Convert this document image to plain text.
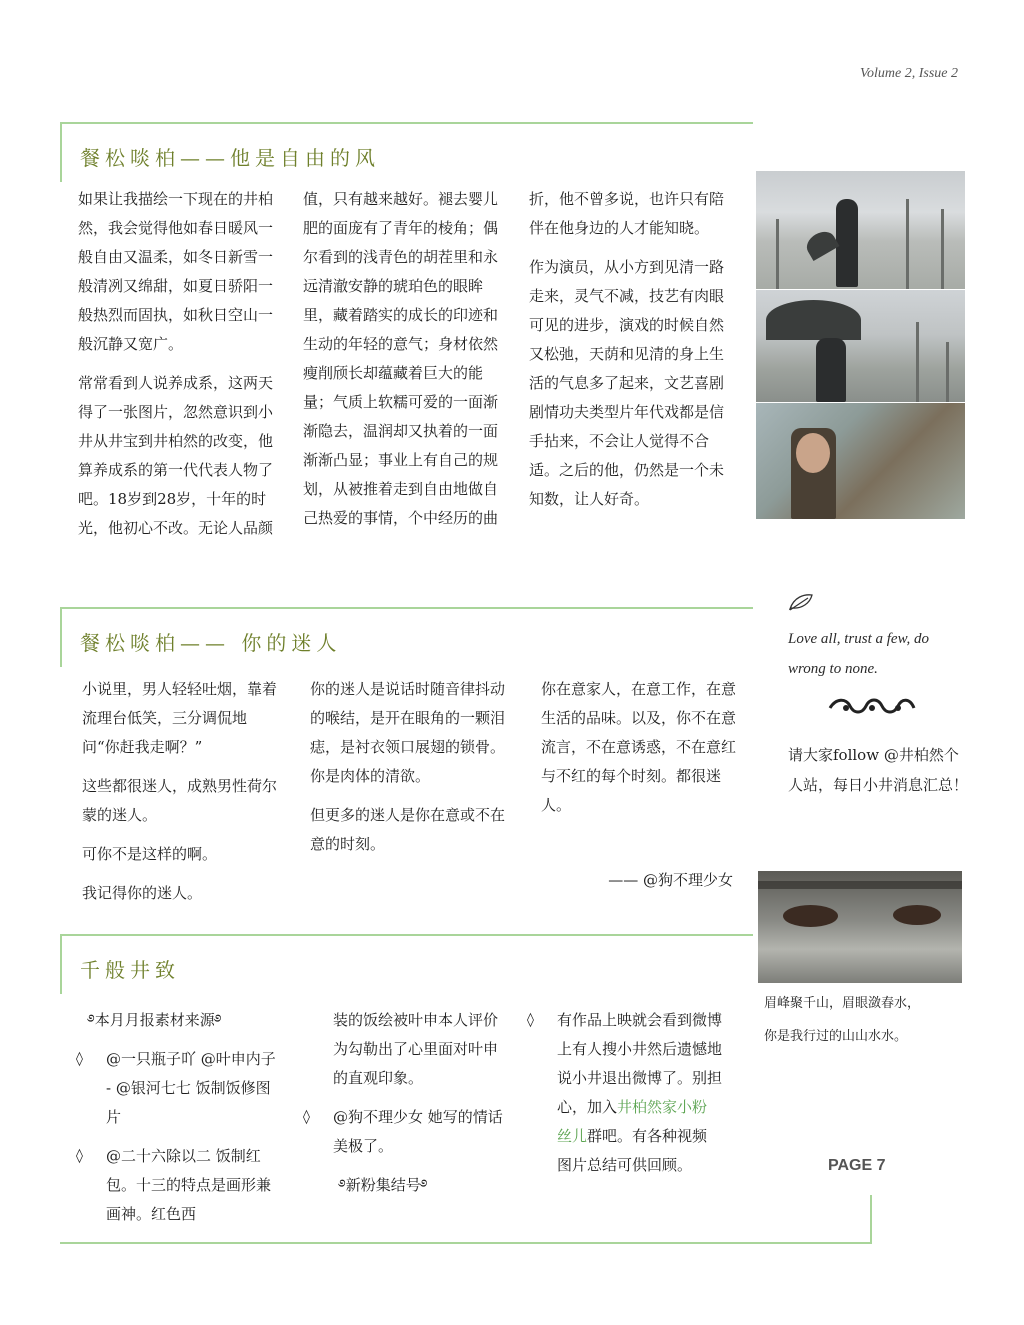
Volume 2, Issue 2
餐松啖柏——他是自由的风

如果让我描绘一下现在的井柏然，我会觉得他如春日暖风一般自由又温柔，如冬日新雪一般清冽又绵甜，如夏日骄阳一般热烈而固执，如秋日空山一般沉静又宽广。

常常看到人说养成系，这两天得了一张图片，忽然意识到小井从井宝到井柏然的改变，他算养成系的第一代代表人物了吧。18岁到28岁，十年的时光，他初心不改。无论人品颜

值，只有越来越好。褪去婴儿肥的面庞有了青年的棱角；偶尔看到的浅青色的胡茬里和永远清澈安静的琥珀色的眼眸里，藏着踏实的成长的印迹和生动的年轻的意气；身材依然瘦削颀长却蕴藏着巨大的能量；气质上软糯可爱的一面渐渐隐去，温润却又执着的一面渐渐凸显；事业上有自己的规划，从被推着走到自由地做自己热爱的事情，个中经历的曲

折，他不曾多说，也许只有陪伴在他身边的人才能知晓。

作为演员，从小方到见清一路走来，灵气不减，技艺有肉眼可见的进步，演戏的时候自然又松弛，天荫和见清的身上生活的气息多了起来，文艺喜剧剧情功夫类型片年代戏都是信手拈来，不会让人觉得不合适。之后的他，仍然是一个未知数，让人好奇。

餐松啖柏—— 你的迷人

小说里，男人轻轻吐烟，靠着流理台低笑，三分调侃地问“你赶我走啊？”

这些都很迷人，成熟男性荷尔蒙的迷人。

可你不是这样的啊。

我记得你的迷人。

你的迷人是说话时随音律抖动的喉结，是开在眼角的一颗泪痣，是衬衣领口展翅的锁骨。你是肉体的清欲。

但更多的迷人是你在意或不在意的时刻。

你在意家人，在意工作，在意生活的品味。以及，你不在意流言，不在意诱惑，不在意红与不红的每个时刻。都很迷人。

—— @狗不理少女
Love all, trust a few, do wrong to none.
请大家follow @井柏然个人站，每日小井消息汇总！
眉峰聚千山，眉眼潋春水，
你是我行过的山山水水。
PAGE 7
千般井致

࿔本月月报素材来源࿔

◊	@一只瓶子吖 @叶申内子 - @银河七七 饭制饭修图片
◊	@二十六除以二 饭制红包。十三的特点是画形兼画神。红色西

装的饭绘被叶申本人评价为勾勒出了心里面对叶申的直观印象。

◊	@狗不理少女 她写的情话美极了。

࿔新粉集结号࿔

◊	有作品上映就会看到微博上有人搜小井然后遗憾地说小井退出微博了。别担心，加入井柏然家小粉丝儿群吧。有各种视频图片总结可供回顾。
